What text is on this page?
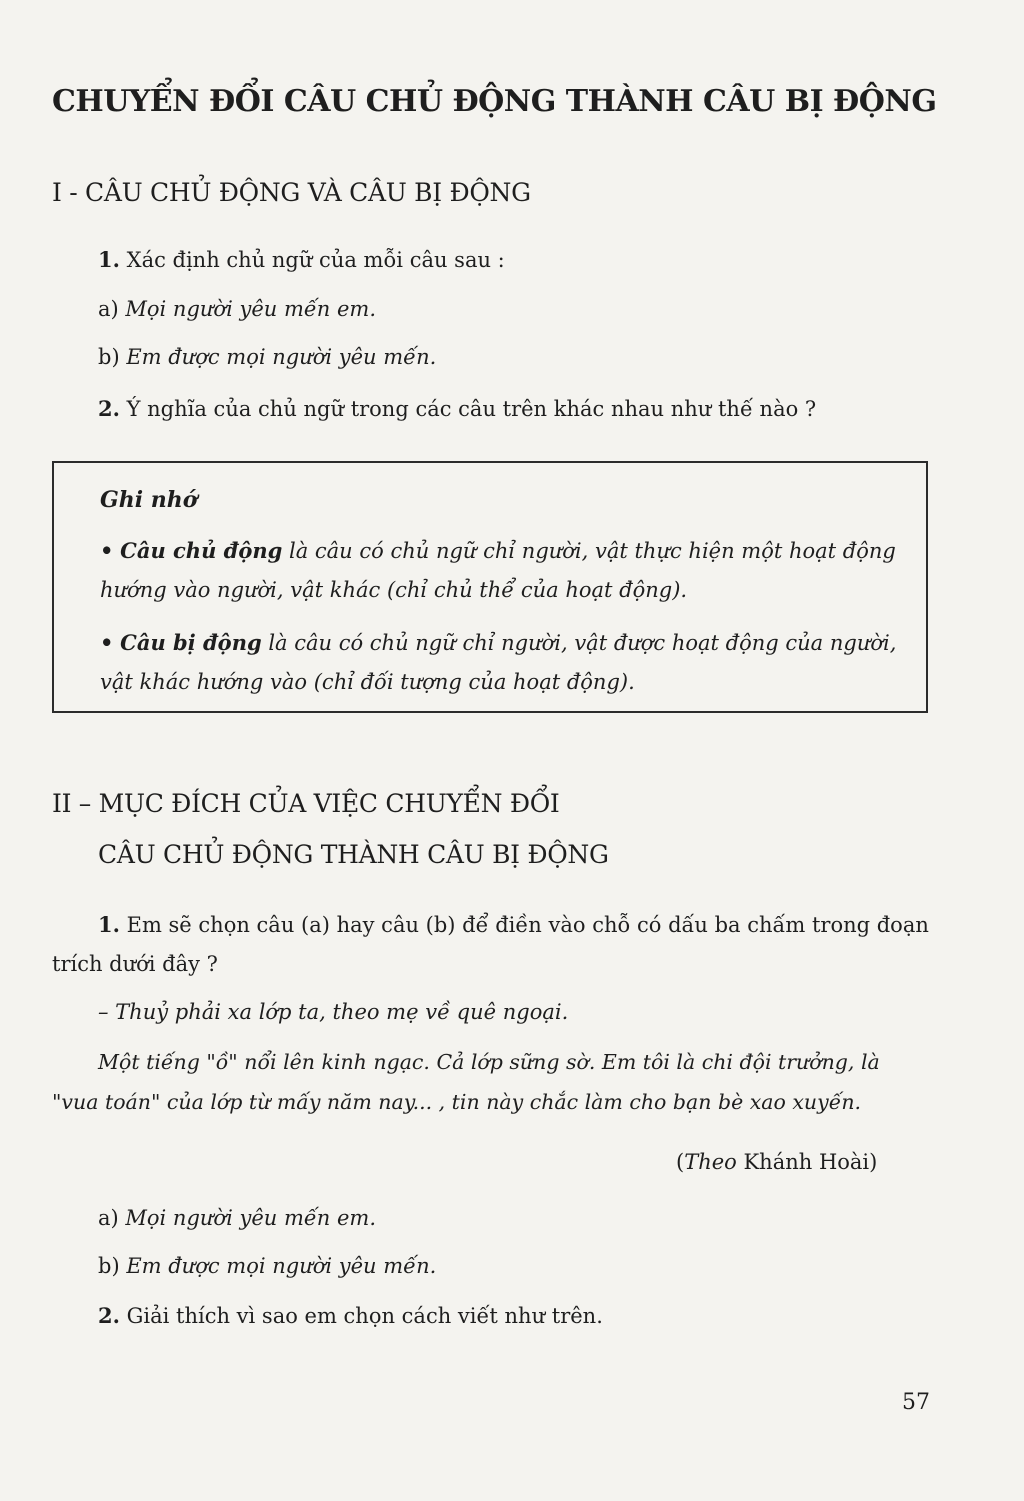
CHUYỂN ĐỔI CÂU CHỦ ĐỘNG THÀNH CÂU BỊ ĐỘNG
I - CÂU CHỦ ĐỘNG VÀ CÂU BỊ ĐỘNG
1. Xác định chủ ngữ của mỗi câu sau :
a) Mọi người yêu mến em.
b) Em được mọi người yêu mến.
2. Ý nghĩa của chủ ngữ trong các câu trên khác nhau như thế nào ?
Ghi nhớ
• Câu chủ động là câu có chủ ngữ chỉ người, vật thực hiện một hoạt động
hướng vào người, vật khác (chỉ chủ thể của hoạt động).
• Câu bị động là câu có chủ ngữ chỉ người, vật được hoạt động của người,
vật khác hướng vào (chỉ đối tượng của hoạt động).
II – MỤC ĐÍCH CỦA VIỆC CHUYỂN ĐỔI
CÂU CHỦ ĐỘNG THÀNH CÂU BỊ ĐỘNG
1. Em sẽ chọn câu (a) hay câu (b) để điền vào chỗ có dấu ba chấm trong đoạn
trích dưới đây ?
– Thuỷ phải xa lớp ta, theo mẹ về quê ngoại.
Một tiếng "ồ" nổi lên kinh ngạc. Cả lớp sững sờ. Em tôi là chi đội trưởng, là
"vua toán" của lớp từ mấy năm nay... , tin này chắc làm cho bạn bè xao xuyến.
(Theo Khánh Hoài)
a) Mọi người yêu mến em.
b) Em được mọi người yêu mến.
2. Giải thích vì sao em chọn cách viết như trên.
57
